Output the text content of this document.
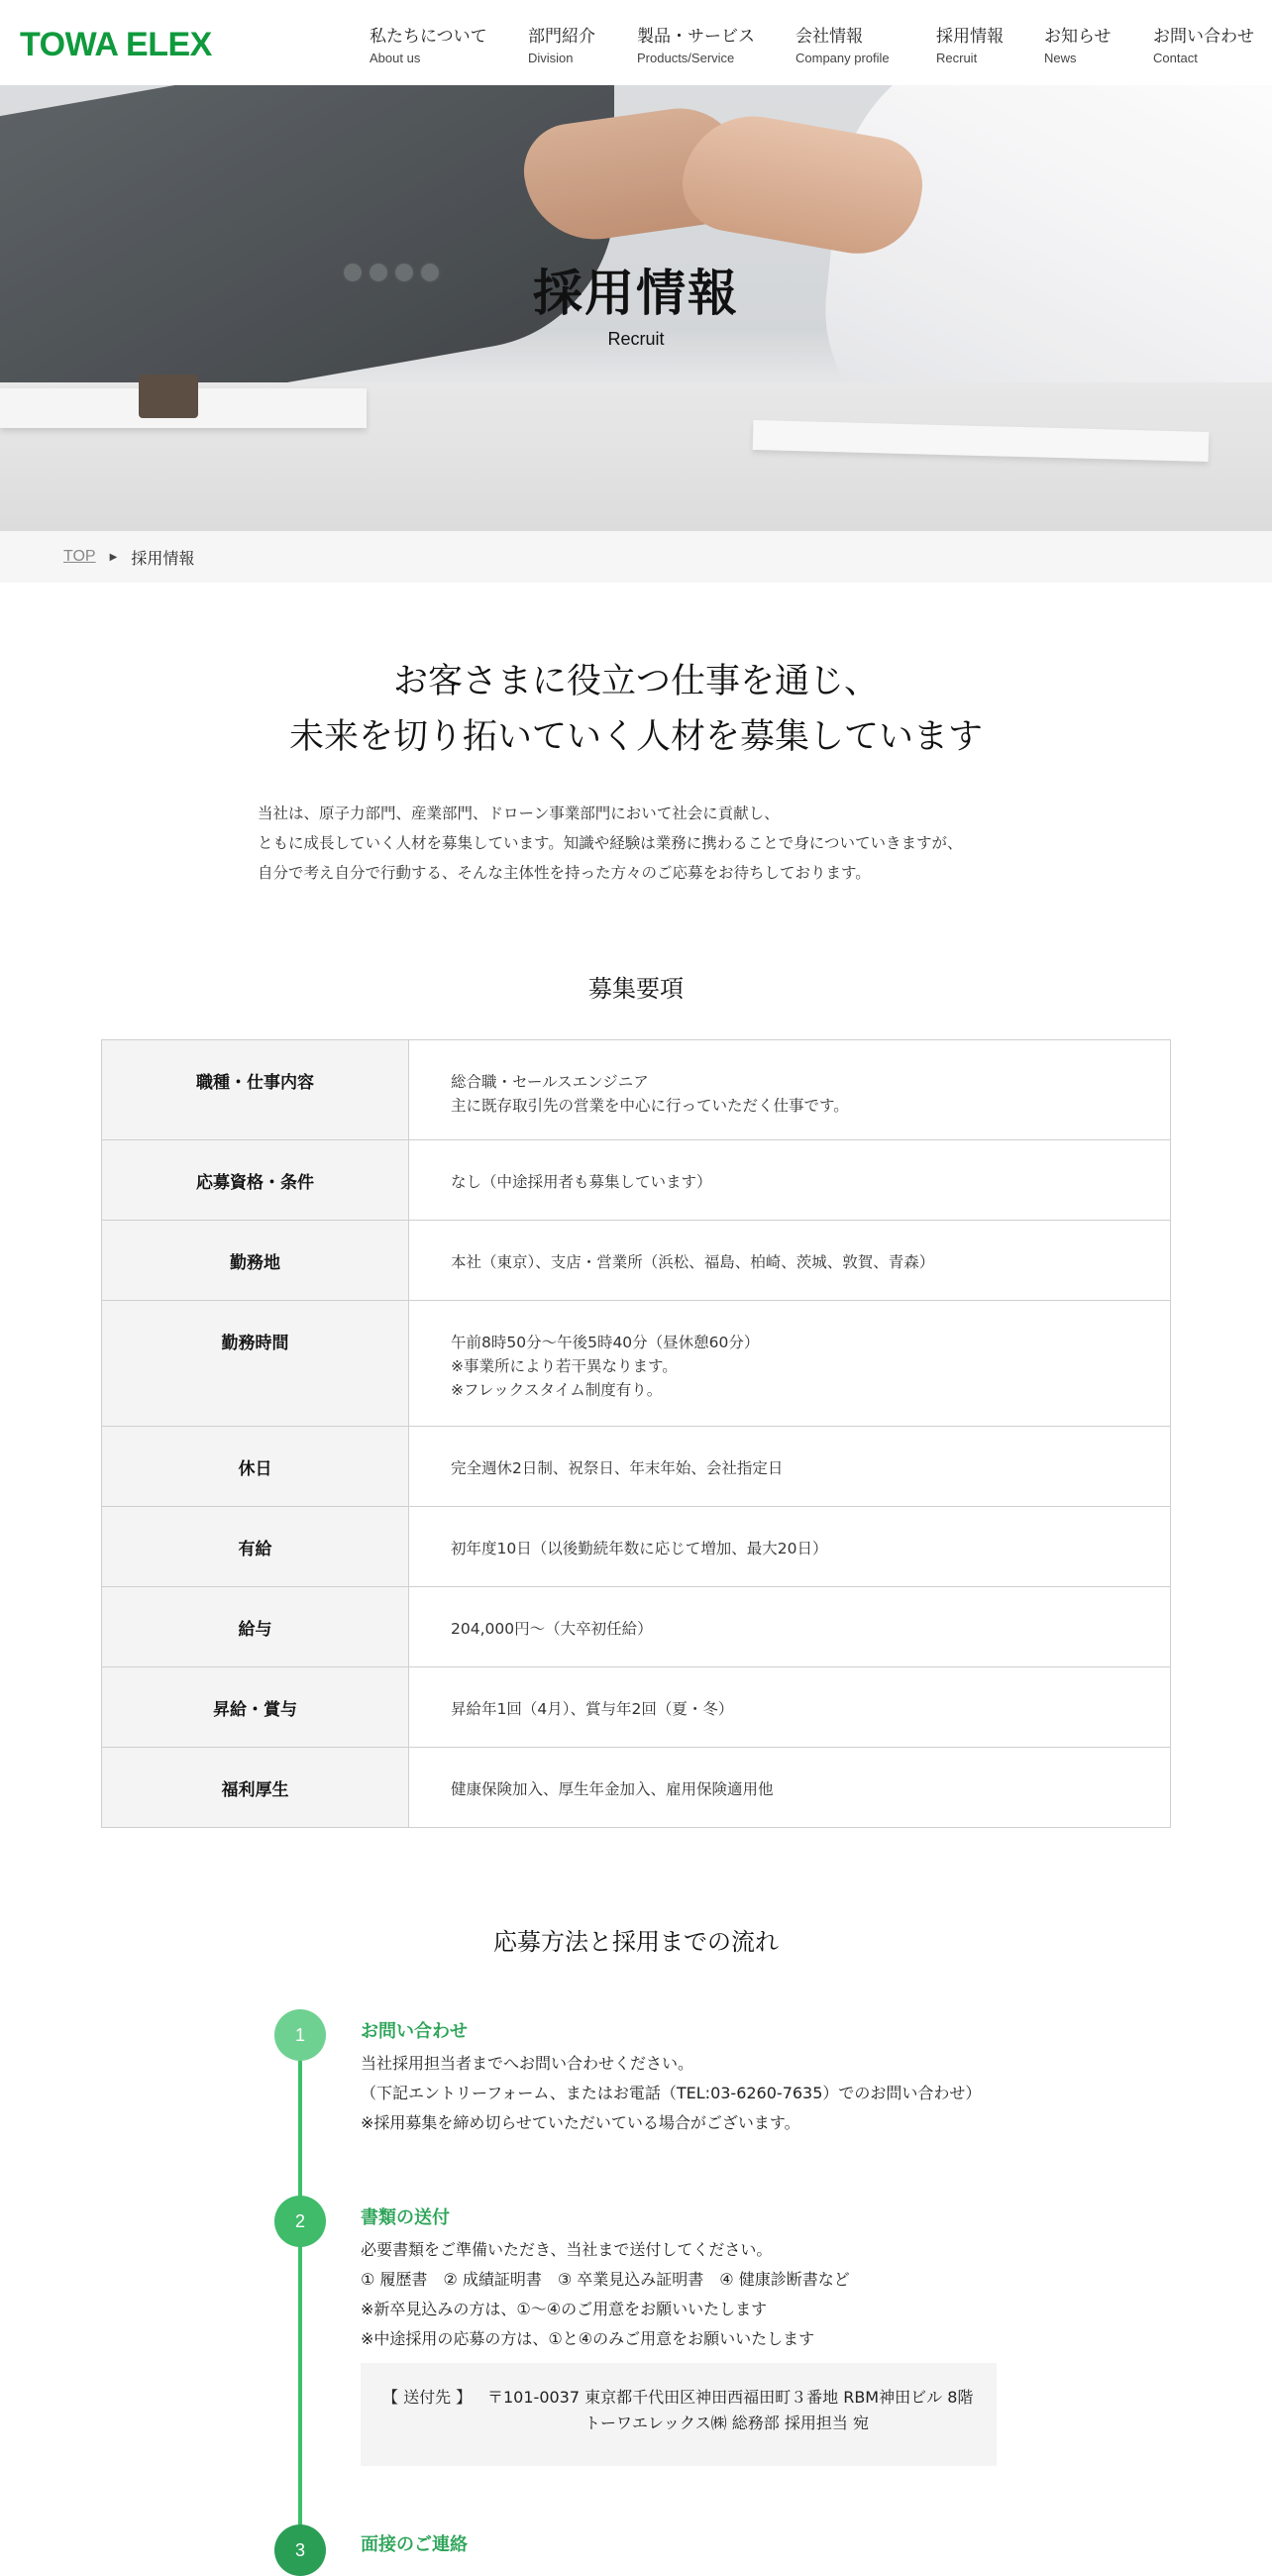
TOWA ELEX	私たちについて
About us
部門紹介
Division
製品・サービス
Products/Service
会社情報
Company profile
採用情報
Recruit
お知らせ
News
お問い合わせ
Contact
採用情報
Recruit
TOP ▶ 採用情報
お客さまに役立つ仕事を通じ、
未来を切り拓いていく人材を募集しています
当社は、原子力部門、産業部門、ドローン事業部門において社会に貢献し、
ともに成長していく人材を募集しています。知識や経験は業務に携わることで身についていきますが、
自分で考え自分で行動する、そんな主体性を持った方々のご応募をお待ちしております。
募集要項
職種・仕事内容	総合職・セールスエンジニア
主に既存取引先の営業を中心に行っていただく仕事です。
応募資格・条件	なし（中途採用者も募集しています）
勤務地	本社（東京）、支店・営業所（浜松、福島、柏崎、茨城、敦賀、青森）
勤務時間	午前8時50分〜午後5時40分（昼休憩60分）
※事業所により若干異なります。
※フレックスタイム制度有り。
休日	完全週休2日制、祝祭日、年末年始、会社指定日
有給	初年度10日（以後勤続年数に応じて増加、最大20日）
給与	204,000円〜（大卒初任給）
昇給・賞与	昇給年1回（4月）、賞与年2回（夏・冬）
福利厚生	健康保険加入、厚生年金加入、雇用保険適用他
応募方法と採用までの流れ
1	お問い合わせ
当社採用担当者までへお問い合わせください。
（下記エントリーフォーム、またはお電話（TEL:03-6260-7635）でのお問い合わせ）
※採用募集を締め切らせていただいている場合がございます。
2	書類の送付
必要書類をご準備いただき、当社まで送付してください。
① 履歴書　② 成績証明書　③ 卒業見込み証明書　④ 健康診断書など
※新卒見込みの方は、①〜④のご用意をお願いいたします
※中途採用の応募の方は、①と④のみご用意をお願いいたします
【 送付先 】 〒101-0037 東京都千代田区神田西福田町３番地 RBM神田ビル 8階
トーワエレックス㈱ 総務部 採用担当 宛
3	面接のご連絡
